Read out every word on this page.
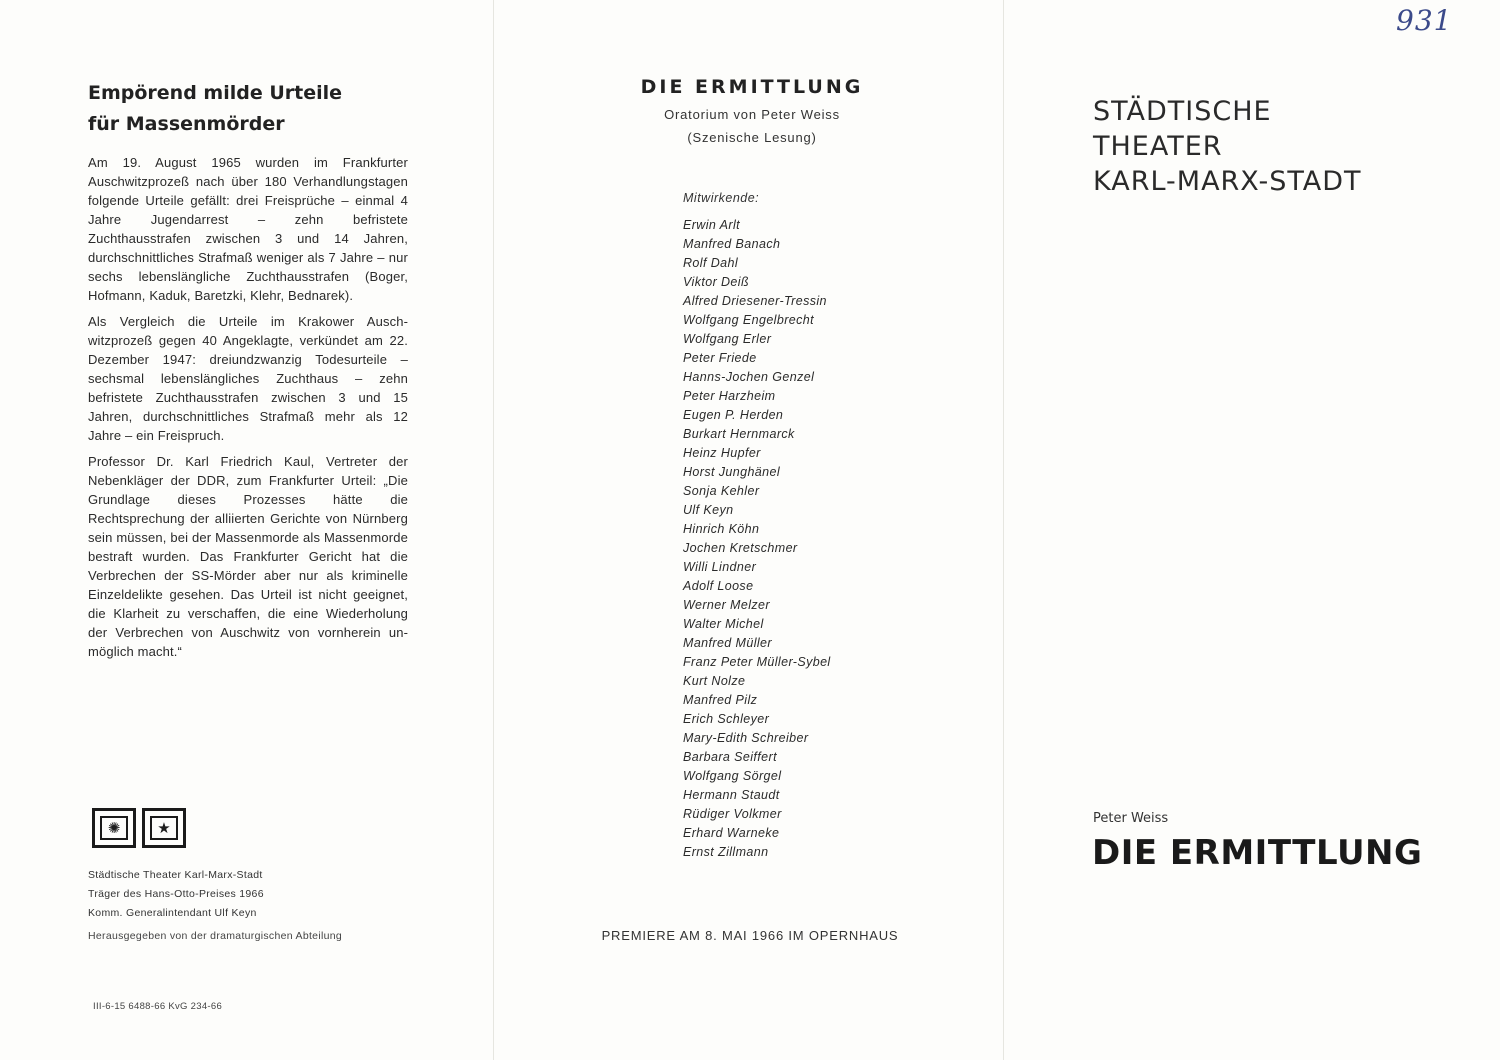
Empörend milde Urteile
für Massenmörder

Am 19. August 1965 wurden im Frankfurter Auschwitzprozeß nach über 180 Verhandlungstagen folgende Urteile gefällt: drei Freisprüche – einmal 4 Jahre Jugendarrest – zehn befristete Zuchthausstrafen zwischen 3 und 14 Jahren, durchschnittliches Strafmaß weniger als 7 Jahre – nur sechs lebenslängliche Zuchthausstrafen (Boger, Hofmann, Kaduk, Baretzki, Klehr, Bednarek).

Als Vergleich die Urteile im Krakower Auschwitzprozeß gegen 40 Angeklagte, verkündet am 22. Dezember 1947: dreiundzwanzig Todesurteile – sechsmal lebenslängliches Zuchthaus – zehn befristete Zuchthausstrafen zwischen 3 und 15 Jahren, durchschnittliches Strafmaß mehr als 12 Jahre – ein Freispruch.

Professor Dr. Karl Friedrich Kaul, Vertreter der Nebenkläger der DDR, zum Frankfurter Urteil: „Die Grundlage dieses Prozesses hätte die Rechtsprechung der alliierten Gerichte von Nürnberg sein müssen, bei der Massenmorde als Massenmorde bestraft wurden. Das Frankfurter Gericht hat die Verbrechen der SS-Mörder aber nur als kriminelle Einzeldelikte gesehen. Das Urteil ist nicht geeignet, die Klarheit zu verschaffen, die eine Wiederholung der Verbrechen von Auschwitz von vornherein unmöglich macht.“

✺	★
Städtische Theater Karl-Marx-Stadt
Träger des Hans-Otto-Preises 1966
Komm. Generalintendant Ulf Keyn
Herausgegeben von der dramaturgischen Abteilung
III-6-15 6488-66 KvG 234-66
DIE ERMITTLUNG
Oratorium von Peter Weiss
(Szenische Lesung)
Mitwirkende:
Erwin Arlt
Manfred Banach
Rolf Dahl
Viktor Deiß
Alfred Driesener-Tressin
Wolfgang Engelbrecht
Wolfgang Erler
Peter Friede
Hanns-Jochen Genzel
Peter Harzheim
Eugen P. Herden
Burkart Hernmarck
Heinz Hupfer
Horst Junghänel
Sonja Kehler
Ulf Keyn
Hinrich Köhn
Jochen Kretschmer
Willi Lindner
Adolf Loose
Werner Melzer
Walter Michel
Manfred Müller
Franz Peter Müller-Sybel
Kurt Nolze
Manfred Pilz
Erich Schleyer
Mary-Edith Schreiber
Barbara Seiffert
Wolfgang Sörgel
Hermann Staudt
Rüdiger Volkmer
Erhard Warneke
Ernst Zillmann
PREMIERE AM 8. MAI 1966 IM OPERNHAUS
931
STÄDTISCHE
THEATER
KARL-MARX-STADT
Peter Weiss
DIE ERMITTLUNG
